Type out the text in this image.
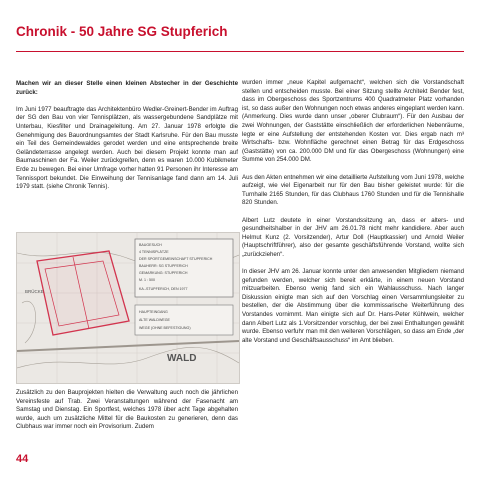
Chronik - 50 Jahre SG Stupferich

Machen wir an dieser Stelle einen kleinen Abstecher in der Geschichte zurück:

Im Juni 1977 beauftragte das Architektenbüro Wedler-Greinert-Bender im Auftrag der SG den Bau von vier Tennisplätzen, als wassergebundene Sandplätze mit Unterbau, Kiesfilter und Drainageleitung. Am 27. Januar 1978 erfolgte die Genehmigung des Bauordnungsamtes der Stadt Karlsruhe. Für den Bau musste ein Teil des Gemeindewaldes gerodet werden und eine entsprechende breite Geländeterrasse angelegt werden. Auch bei diesem Projekt konnte man auf Baumaschinen der Fa. Weiler zurückgreifen, denn es waren 10.000 Kubikmeter Erde zu bewegen. Bei einer Umfrage vorher hatten 91 Personen ihr Interesse am Tennissport bekundet. Die Einweihung der Tennisanlage fand dann am 14. Juli 1979 statt. (siehe Chronik Tennis).

BAUGESUCH
4 TENNISPLÄTZE
DER SPORTGEMEINSCHAFT STUPFERICH
BAUHERR: SG STUPFERICH
GEMARKUNG: STUPFERICH
M. 1 : 500
KA.-STUPFERICH, DEN 1977
HAUPTEINGANG
ALTE WALDWEGE
WEGE (OHNE BEFESTIGUNG)
BRÜCKE
WALD

Zusätzlich zu den Bauprojekten hielten die Verwaltung auch noch die jährlichen Vereinsfeste auf Trab. Zwei Veranstaltungen während der Fasenacht am Samstag und Dienstag. Ein Sportfest, welches 1978 über acht Tage abgehalten wurde, auch um zusätzliche Mittel für die Baukosten zu generieren, denn das Clubhaus war immer noch ein Provisorium. Zudem

wurden immer „neue Kapitel aufgemacht“, welchen sich die Vorstandschaft stellen und entscheiden musste. Bei einer Sitzung stellte Architekt Bender fest, dass im Obergeschoss des Sportzentrums 400 Quadratmeter Platz vorhanden ist, so dass außer den Wohnungen noch etwas anderes eingeplant werden kann. (Anmerkung. Dies wurde dann unser „oberer Clubraum“). Für den Ausbau der zwei Wohnungen, der Gaststätte einschließlich der erforderlichen Nebenräume, legte er eine Aufstellung der entstehenden Kosten vor. Dies ergab nach m³ Wirtschafts- bzw. Wohnfläche gerechnet einen Betrag für das Erdgeschoss (Gaststätte) von ca. 200.000 DM und für das Obergeschoss (Wohnungen) eine Summe von 254.000 DM.

Aus den Akten entnehmen wir eine detaillierte Aufstellung vom Juni 1978, welche aufzeigt, wie viel Eigenarbeit nur für den Bau bisher geleistet wurde: für die Turnhalle 2165 Stunden, für das Clubhaus 1760 Stunden und für die Tennishalle 820 Stunden.

Albert Lutz deutete in einer Vorstandssitzung an, dass er alters- und gesundheitshalber in der JHV am 26.01.78 nicht mehr kandidiere. Aber auch Helmut Kunz (2. Vorsitzender), Artur Doll (Hauptkassier) und Arnold Weiler (Hauptschriftführer), also der gesamte geschäftsführende Vorstand, wollte sich „zurückziehen“.

In dieser JHV am 26. Januar konnte unter den anwesenden Mitgliedern niemand gefunden werden, welcher sich bereit erklärte, in einem neuen Vorstand mitzuarbeiten. Ebenso wenig fand sich ein Wahlausschuss. Nach langer Diskussion einigte man sich auf den Vorschlag einen Versammlungsleiter zu bestellen, der die Abstimmung über die kommissarische Weiterführung des Vorstandes vornimmt. Man einigte sich auf Dr. Hans-Peter Kühlwein, welcher dann Albert Lutz als 1.Vorsitzender vorschlug, der bei zwei Enthaltungen gewählt wurde. Ebenso verfuhr man mit den weiteren Vorschlägen, so dass am Ende „der alte Vorstand und Geschäftsausschuss“ im Amt blieben.

44
